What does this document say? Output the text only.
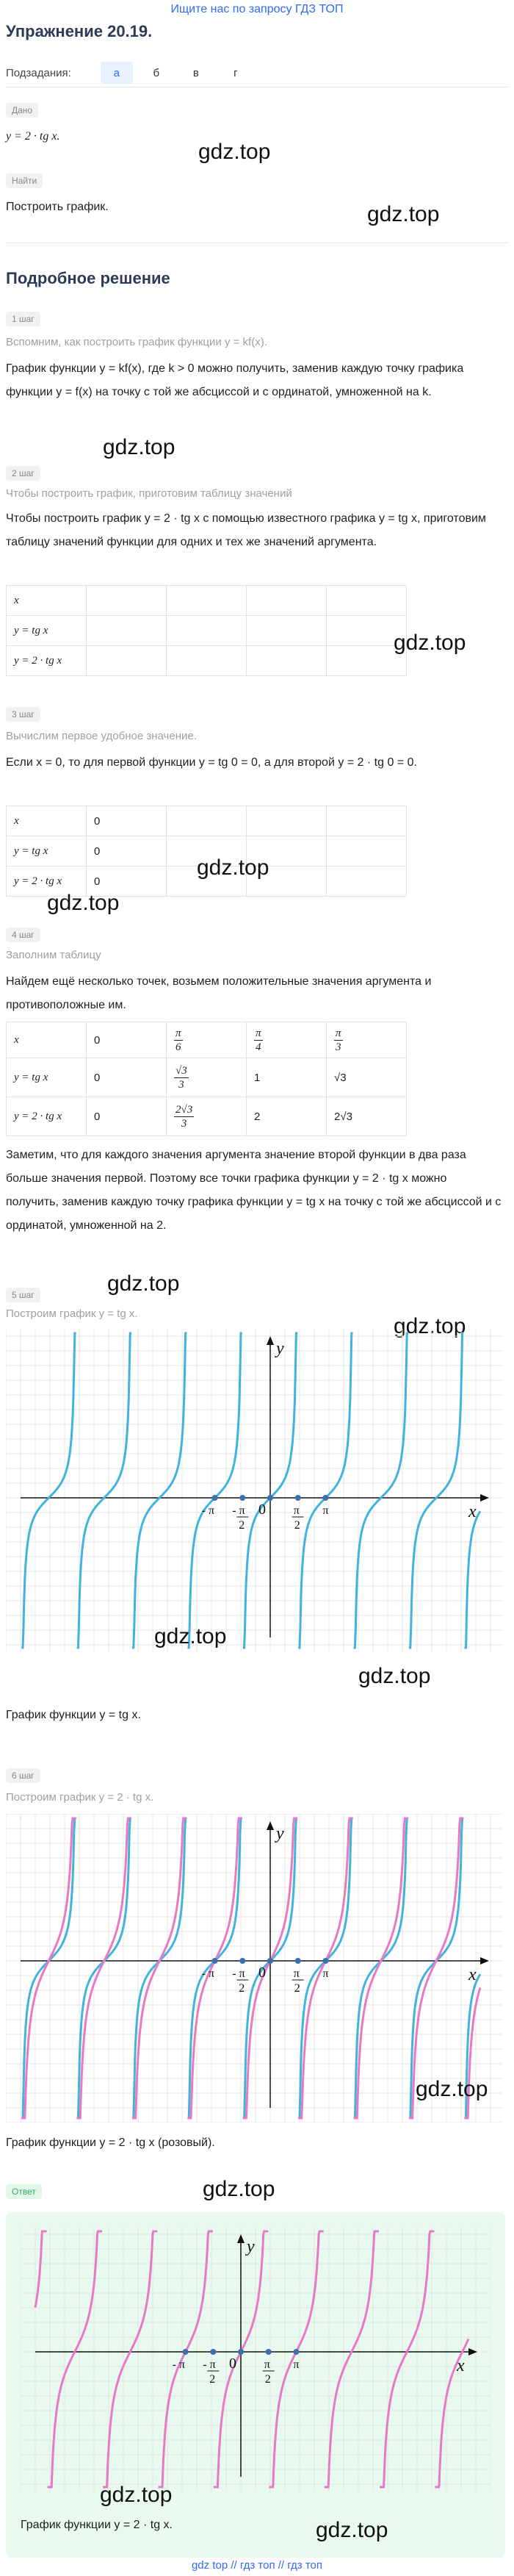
Ищите нас по запросу ГДЗ ТОП
Упражнение 20.19.
Подзадания:	а	б	в	г
Дано
y = 2 · tg x.
gdz.top
Найти
Построить график.	gdz.top
Подробное решение
1 шаг
Вспомним, как построить график функции y = kf(x).
График функции y = kf(x), где k > 0 можно получить, заменив каждую точку графика функции y = f(x) на точку с той же абсциссой и с ординатой, умноженной на k.
gdz.top
2 шаг
Чтобы построить график, приготовим таблицу значений
Чтобы построить график y = 2 · tg x с помощью известного графика y = tg x, приготовим таблицу значений функции для одних и тех же значений аргумента.
x				
y = tg x				
y = 2 · tg x				
gdz.top
3 шаг
Вычислим первое удобное значение.
Если x = 0, то для первой функции y = tg 0 = 0, а для второй y = 2 · tg 0 = 0.
x	0			
y = tg x	0			
y = 2 · tg x	0			
gdz.top
gdz.top
4 шаг
Заполним таблицу
Найдем ещё несколько точек, возьмем положительные значения аргумента и противоположные им.
x	0	$\frac{\pi}{6}$	$\frac{\pi}{4}$	$\frac{\pi}{3}$

y = tg x	0	$\frac{√3}{3}$	1	√3
y = 2 · tg x	0	$\frac{2√3}{3}$	2	2√3
Заметим, что для каждого значения аргумента значение второй функции в два раза больше значения первой. Поэтому все точки графика функции y = 2 · tg x можно получить, заменив каждую точку графика функции y = tg x на точку с той же абсциссой и с ординатой, умноженной на 2.
gdz.top
5 шаг
Построим график y = tg x.
gdz.top
y
x
0	π
- π	π
2
- π
2
gdz.top
gdz.top
График функции y = tg x.
6 шаг
Построим график y = 2 · tg x.
y
x
0	π
- π	π
2
- π
2
gdz.top
График функции y = 2 · tg x (розовый).
gdz.top
Ответ
y
x
0	π
- π	π
2
- π
2
gdz.top
График функции y = 2 · tg x.	gdz.top
gdz top // гдз топ // гдз топ
